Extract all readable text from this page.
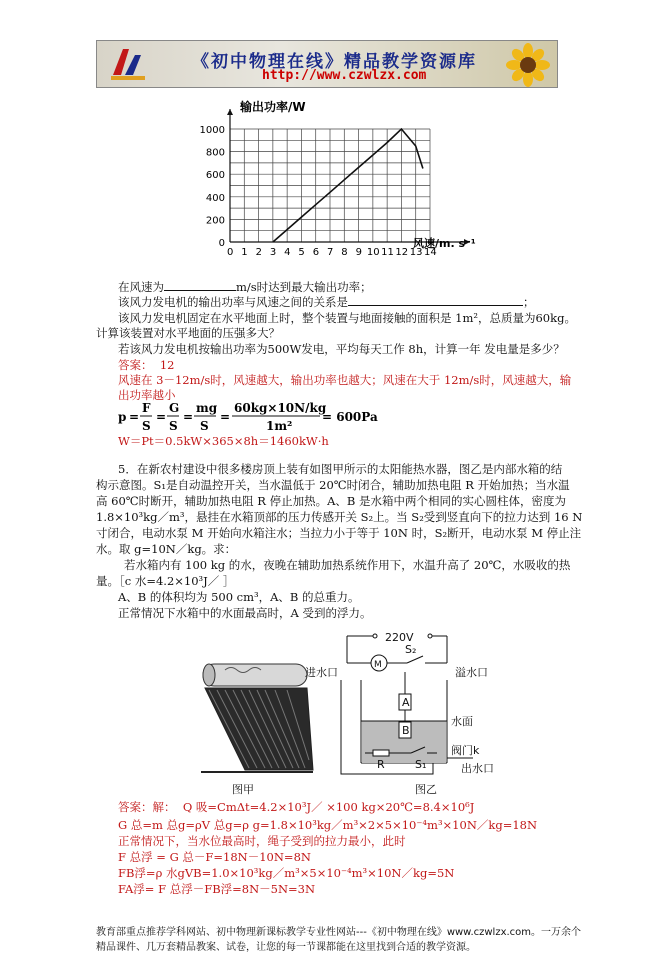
《初中物理在线》精品教学资源库
http://www.czwlzx.com
0 1 2 3 4 5 6 7 8 9 10 11 12 13 14
0
200
400
600
800
1000
输出功率/W
风速/m. s⁻¹
在风速为	m/s时达到最大输出功率；
该风力发电机的输出功率与风速之间的关系是	；
该风力发电机固定在水平地面上时，整个装置与地面接触的面积是 1m²，总质量为60kg。
计算该装置对水平地面的压强多大？
若该风力发电机按输出功率为500W发电，平均每天工作 8h，计算一年 发电量是多少？
答案： 12
风速在 3－12m/s时，风速越大，输出功率也越大；风速在大于 12m/s时，风速越大，输
出功率越小
p =
F
S
=
G
S
=
mg
S
=
60kg×10N/kg
1m²
= 600Pa
W＝Pt＝0.5kW×365×8h＝1460kW·h
5．在新农村建设中很多楼房顶上装有如图甲所示的太阳能热水器，图乙是内部水箱的结
构示意图。S₁是自动温控开关，当水温低于 20℃时闭合，辅助加热电阻 R 开始加热；当水温
高 60℃时断开，辅助加热电阻 R 停止加热。A、B 是水箱中两个相同的实心圆柱体，密度为
1.8×10³kg／m³，悬挂在水箱顶部的压力传感开关 S₂上。当 S₂受到竖直向下的拉力达到 16 N
寸闭合，电动水泵 M 开始向水箱注水；当拉力小于等于 10N 时，S₂断开，电动水泵 M 停止注
水。取 g=10N／kg。求：
若水箱内有 100 kg 的水，夜晚在辅助加热系统作用下，水温升高了 20℃，水吸收的热
量。［c 水=4.2×10³J／ ］
A、B 的体积均为 500 cm³，A、B 的总重力。
正常情况下水箱中的水面最高时，A 受到的浮力。
图甲
220V
M
S₂
进水口	溢水口
A
B
水面
R	S₁
阀门k
出水口
图乙
答案：解： Q 吸=CmΔt=4.2×10³J／ ×100 kg×20℃=8.4×10⁶J
G 总=m 总g=ρV 总g=ρ g=1.8×10³kg／m³×2×5×10⁻⁴m³×10N／kg=18N
正常情况下，当水位最高时，绳子受到的拉力最小，此时
F 总浮 = G 总－F=18N－10N=8N
FB浮=ρ 水gVB=1.0×10³kg／m³×5×10⁻⁴m³×10N／kg=5N
FA浮= F 总浮－FB浮=8N－5N=3N
教育部重点推荐学科网站、初中物理新课标教学专业性网站---《初中物理在线》www.czwlzx.com。一万余个
精品课件、几万套精品教案、试卷，让您的每一节课都能在这里找到合适的教学资源。
